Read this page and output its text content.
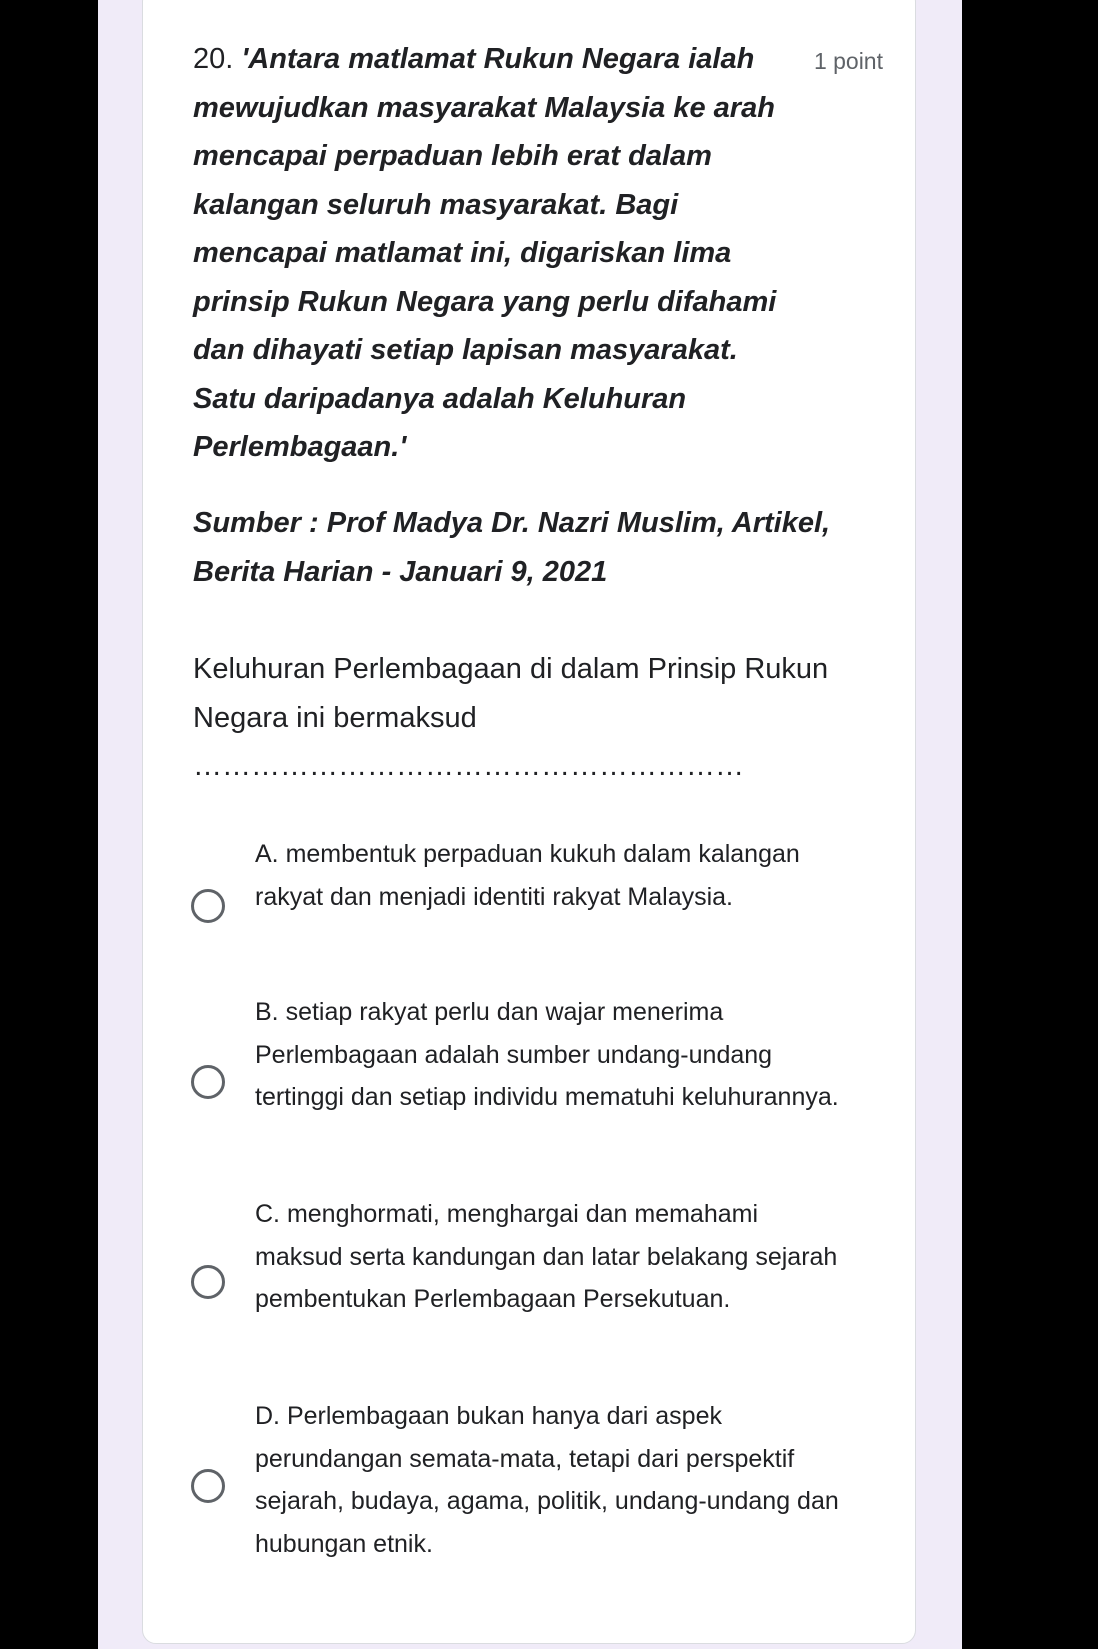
20. 'Antara matlamat Rukun Negara ialah mewujudkan masyarakat Malaysia ke arah mencapai perpaduan lebih erat dalam kalangan seluruh masyarakat. Bagi mencapai matlamat ini, digariskan lima prinsip Rukun Negara yang perlu difahami dan dihayati setiap lapisan masyarakat. Satu daripadanya adalah Keluhuran Perlembagaan.'

1 point

Sumber : Prof Madya Dr. Nazri Muslim, Artikel, Berita Harian - Januari 9, 2021

Keluhuran Perlembagaan di dalam Prinsip Rukun Negara ini bermaksud
…………………………………………………

A. membentuk perpaduan kukuh dalam kalangan rakyat dan menjadi identiti rakyat Malaysia.
B. setiap rakyat perlu dan wajar menerima Perlembagaan adalah sumber undang-undang tertinggi dan setiap individu mematuhi keluhurannya.
C. menghormati, menghargai dan memahami maksud serta kandungan dan latar belakang sejarah pembentukan Perlembagaan Persekutuan.
D. Perlembagaan bukan hanya dari aspek perundangan semata-mata, tetapi dari perspektif sejarah, budaya, agama, politik, undang-undang dan hubungan etnik.
